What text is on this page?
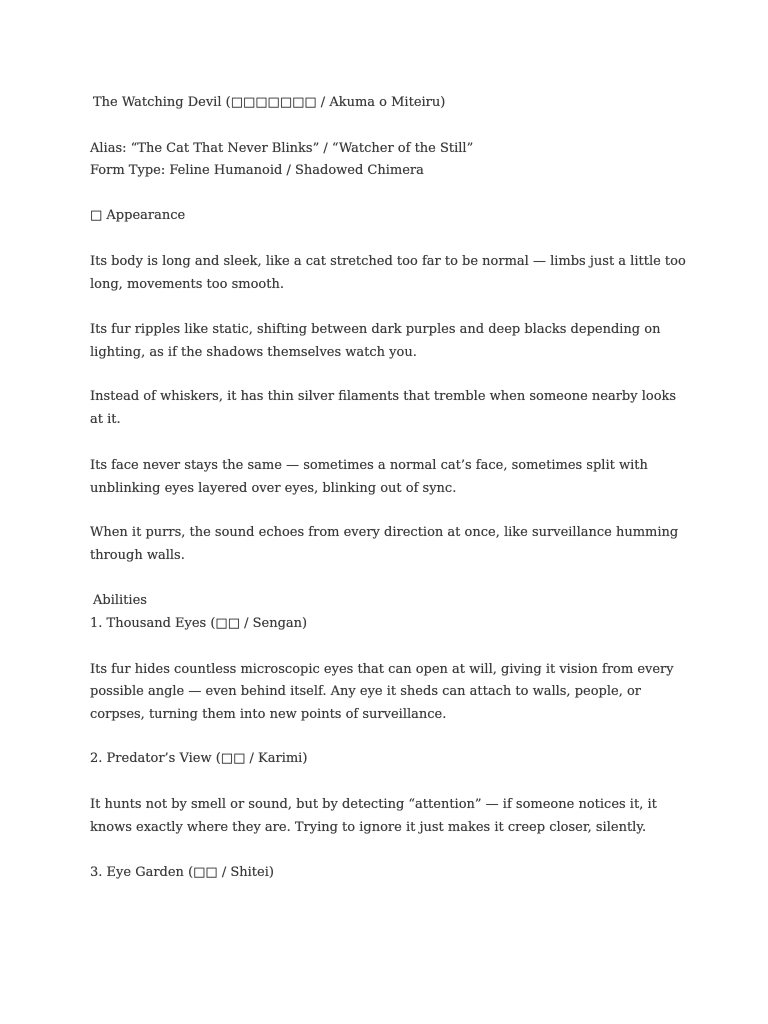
The Watching Devil (□□□□□□□ / Akuma o Miteiru)
Alias: “The Cat That Never Blinks” / “Watcher of the Still”
Form Type: Feline Humanoid / Shadowed Chimera
□ Appearance
Its body is long and sleek, like a cat stretched too far to be normal — limbs just a little too
long, movements too smooth.
Its fur ripples like static, shifting between dark purples and deep blacks depending on
lighting, as if the shadows themselves watch you.
Instead of whiskers, it has thin silver filaments that tremble when someone nearby looks
at it.
Its face never stays the same — sometimes a normal cat’s face, sometimes split with
unblinking eyes layered over eyes, blinking out of sync.
When it purrs, the sound echoes from every direction at once, like surveillance humming
through walls.
Abilities
1. Thousand Eyes (□□ / Sengan)
Its fur hides countless microscopic eyes that can open at will, giving it vision from every
possible angle — even behind itself. Any eye it sheds can attach to walls, people, or
corpses, turning them into new points of surveillance.
2. Predator’s View (□□ / Karimi)
It hunts not by smell or sound, but by detecting “attention” — if someone notices it, it
knows exactly where they are. Trying to ignore it just makes it creep closer, silently.
3. Eye Garden (□□ / Shitei)
